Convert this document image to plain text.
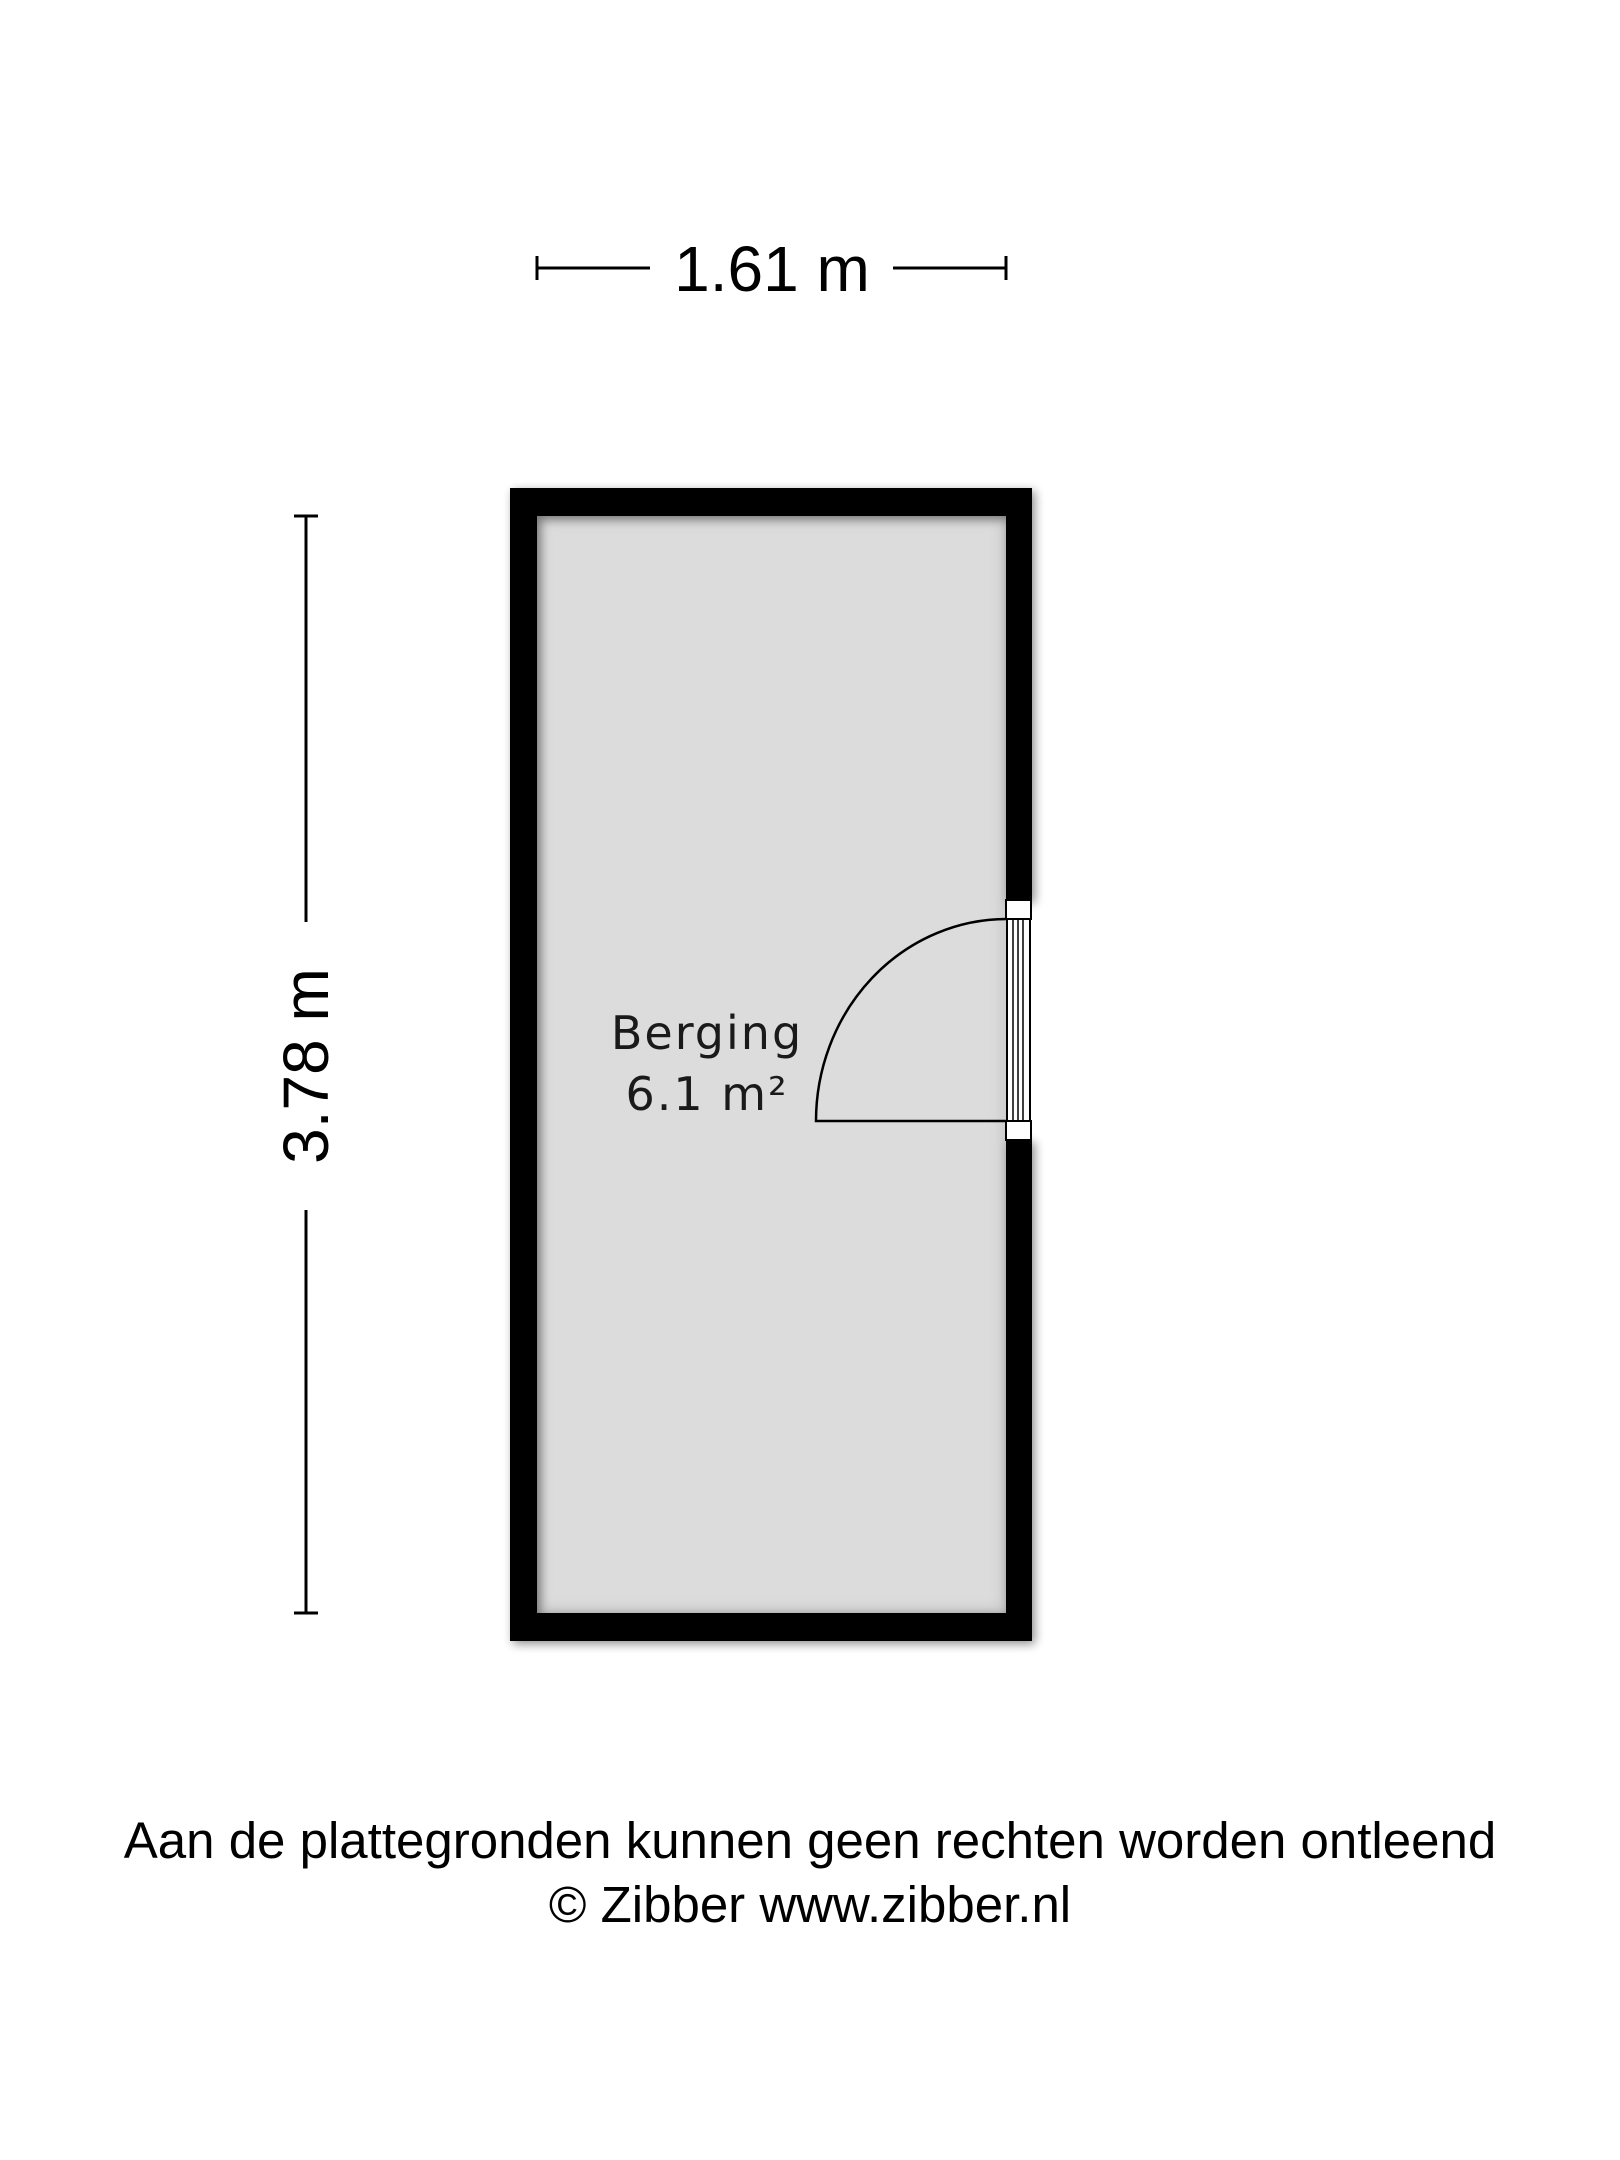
1.61 m
3.78 m	Berging
6.1 m²
Aan de plattegronden kunnen geen rechten worden ontleend
© Zibber www.zibber.nl
